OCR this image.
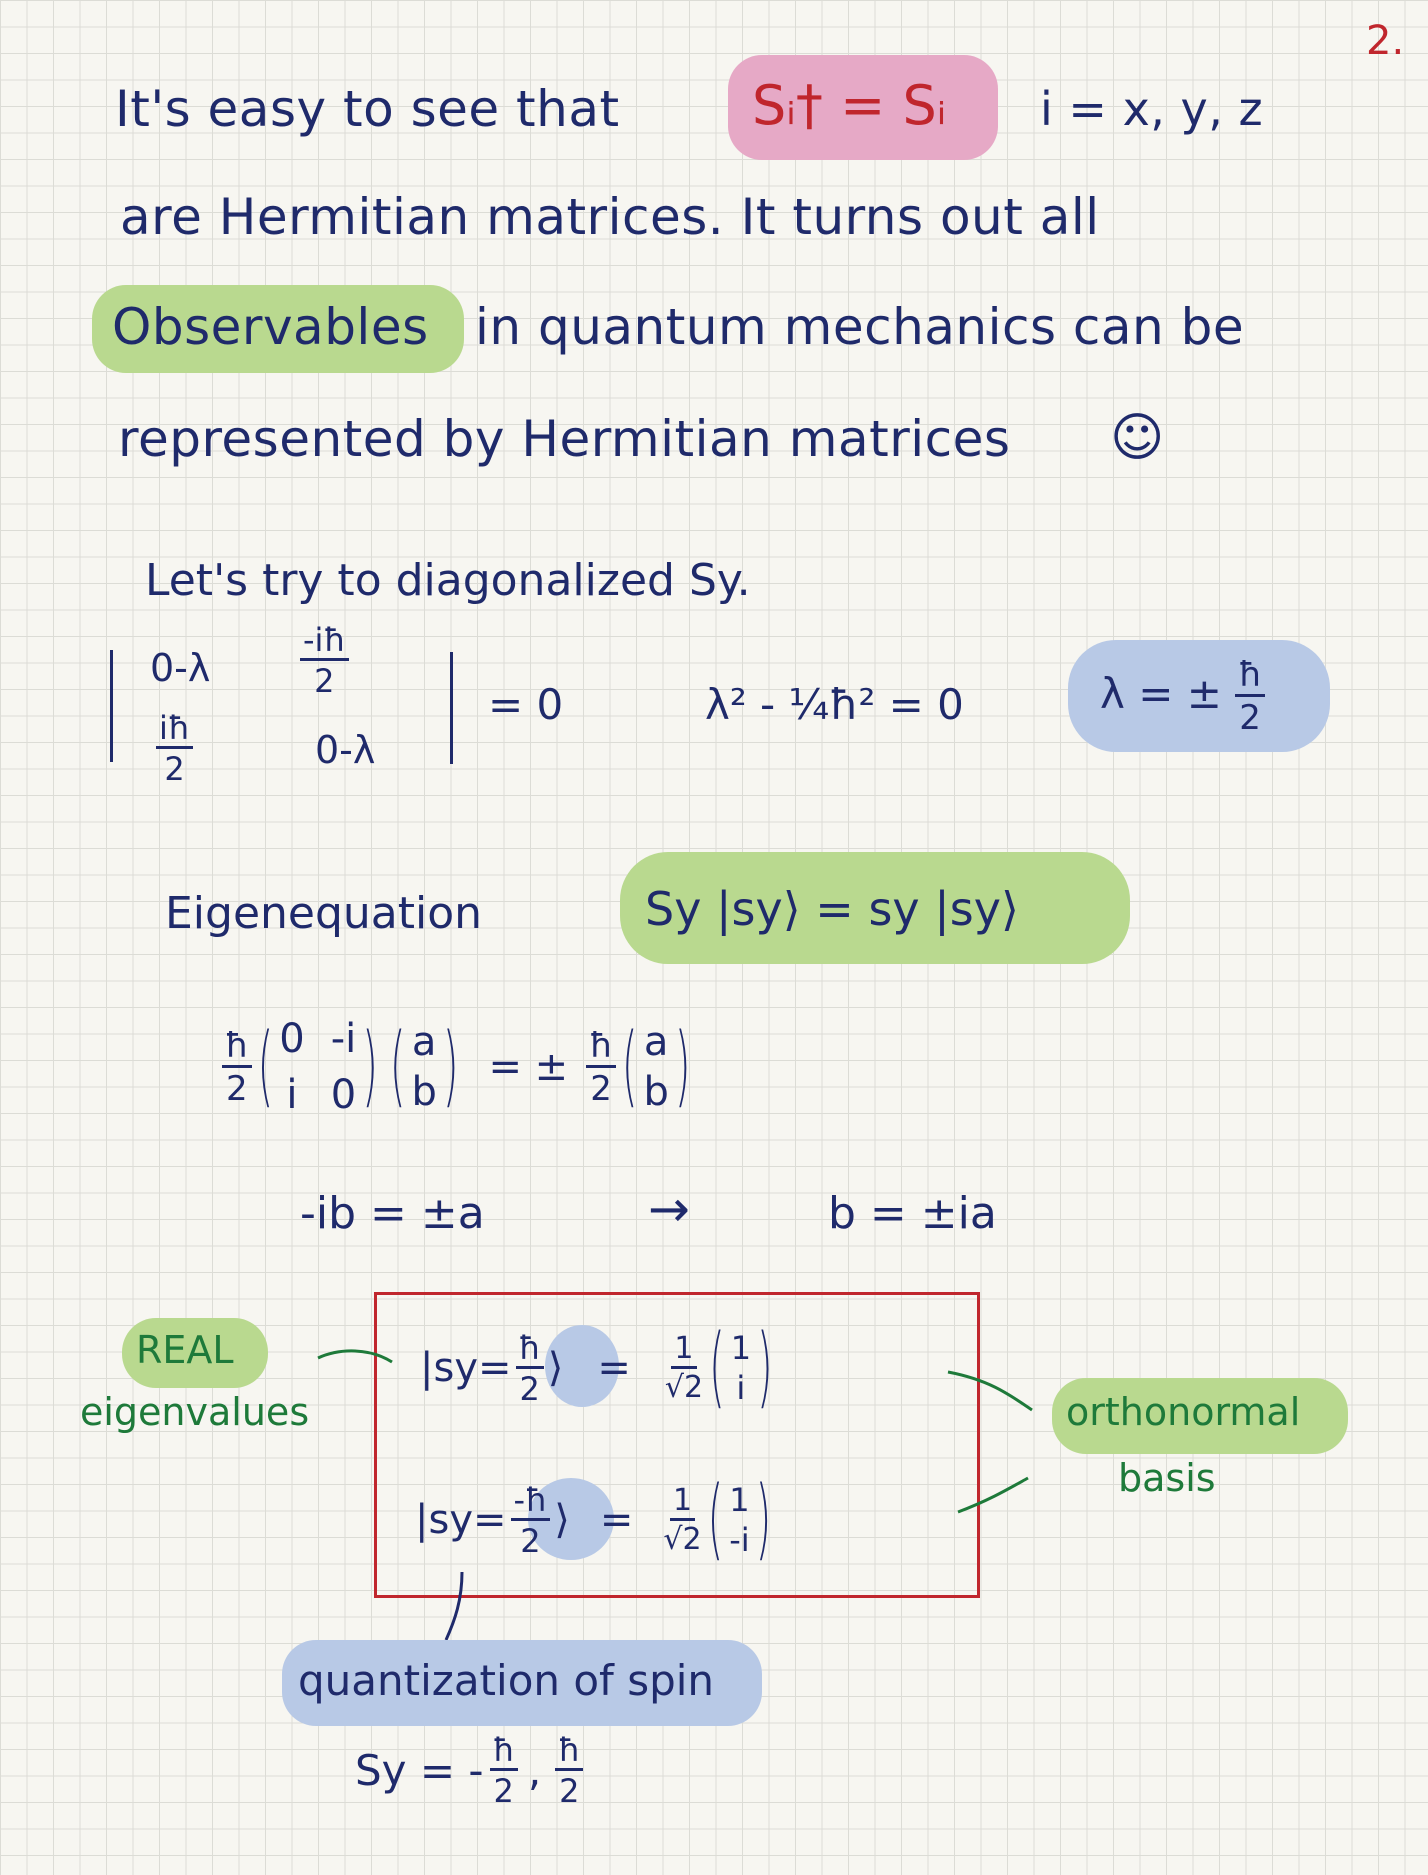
2.
It's easy to see that Sᵢ† = Sᵢ i = x, y, z
are Hermitian matrices. It turns out all
Observables in quantum mechanics can be
represented by Hermitian matrices ☺
Let's try to diagonalized Sy.
0-λ	$\frac{-iħ}{2}$
$\frac{iħ}{2}$	0-λ
= 0	λ² - ¼ħ² = 0	λ = ± $\frac{ħ}{2}$
Eigenequation	Sy |sy⟩ = sy |sy⟩
$\frac{ħ}{2}$ ( 0 -i
i 0 ) ( a
b ) = ± $\frac{ħ}{2}$ ( a
b )
-ib = ±a	→	b = ±ia
$|sy= \frac{ħ}{2}$ ⟩ = $\frac{1}{√2}$ ( 1
i )
$|sy= \frac{-ħ}{2}$ ⟩ = $\frac{1}{√2}$ ( 1
-i )
REAL
eigenvalues	orthonormal
basis
quantization of spin
Sy = - $\frac{ħ}{2}$ , $\frac{ħ}{2}$
